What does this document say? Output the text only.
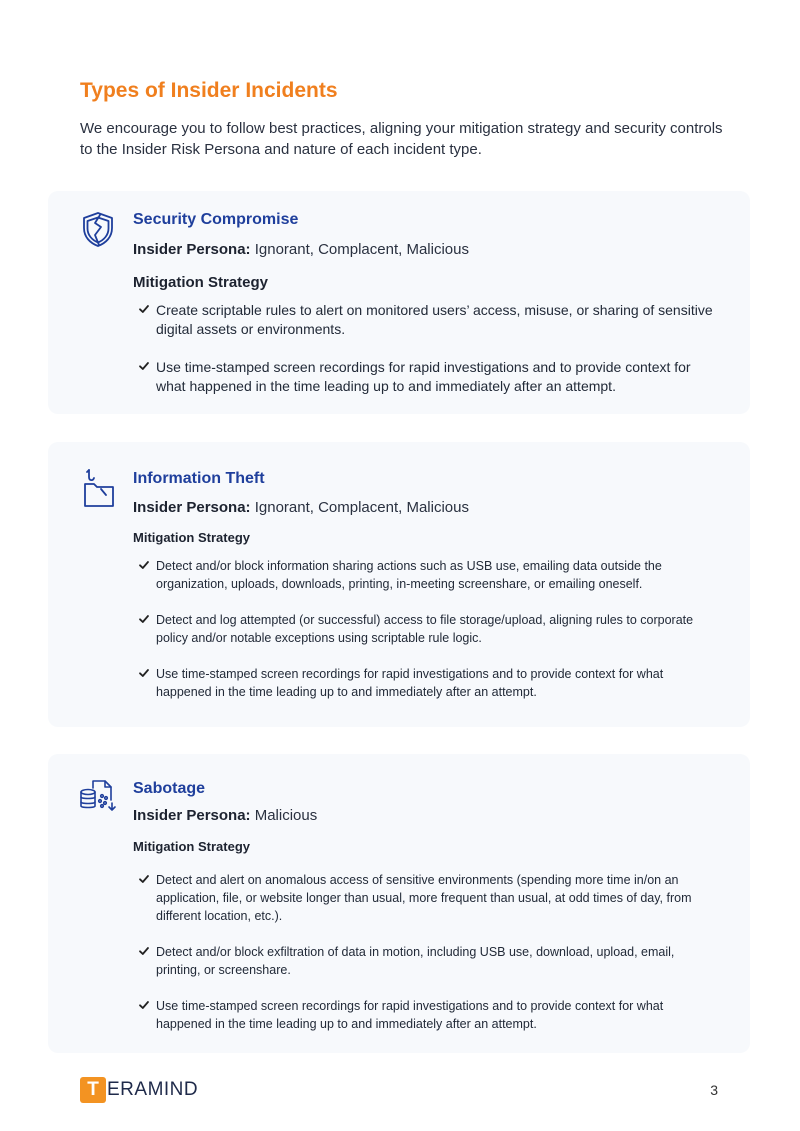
Types of Insider Incidents

We encourage you to follow best practices, aligning your mitigation strategy and security controls to the Insider Risk Persona and nature of each incident type.

Security Compromise

Insider Persona: Ignorant, Complacent, Malicious

Mitigation Strategy
Create scriptable rules to alert on monitored users’ access, misuse, or sharing of sensitive digital assets or environments.
Use time-stamped screen recordings for rapid investigations and to provide context for what happened in the time leading up to and immediately after an attempt.
Information Theft

Insider Persona: Ignorant, Complacent, Malicious

Mitigation Strategy
Detect and/or block information sharing actions such as USB use, emailing data outside the organization, uploads, downloads, printing, in-meeting screenshare, or emailing oneself.
Detect and log attempted (or successful) access to file storage/upload, aligning rules to corporate policy and/or notable exceptions using scriptable rule logic.
Use time-stamped screen recordings for rapid investigations and to provide context for what happened in the time leading up to and immediately after an attempt.
Sabotage

Insider Persona: Malicious

Mitigation Strategy
Detect and alert on anomalous access of sensitive environments (spending more time in/on an application, file, or website longer than usual, more frequent than usual, at odd times of day, from different location, etc.).
Detect and/or block exfiltration of data in motion, including USB use, download, upload, email, printing, or screenshare.
Use time-stamped screen recordings for rapid investigations and to provide context for what happened in the time leading up to and immediately after an attempt.
T ERAMIND	3
